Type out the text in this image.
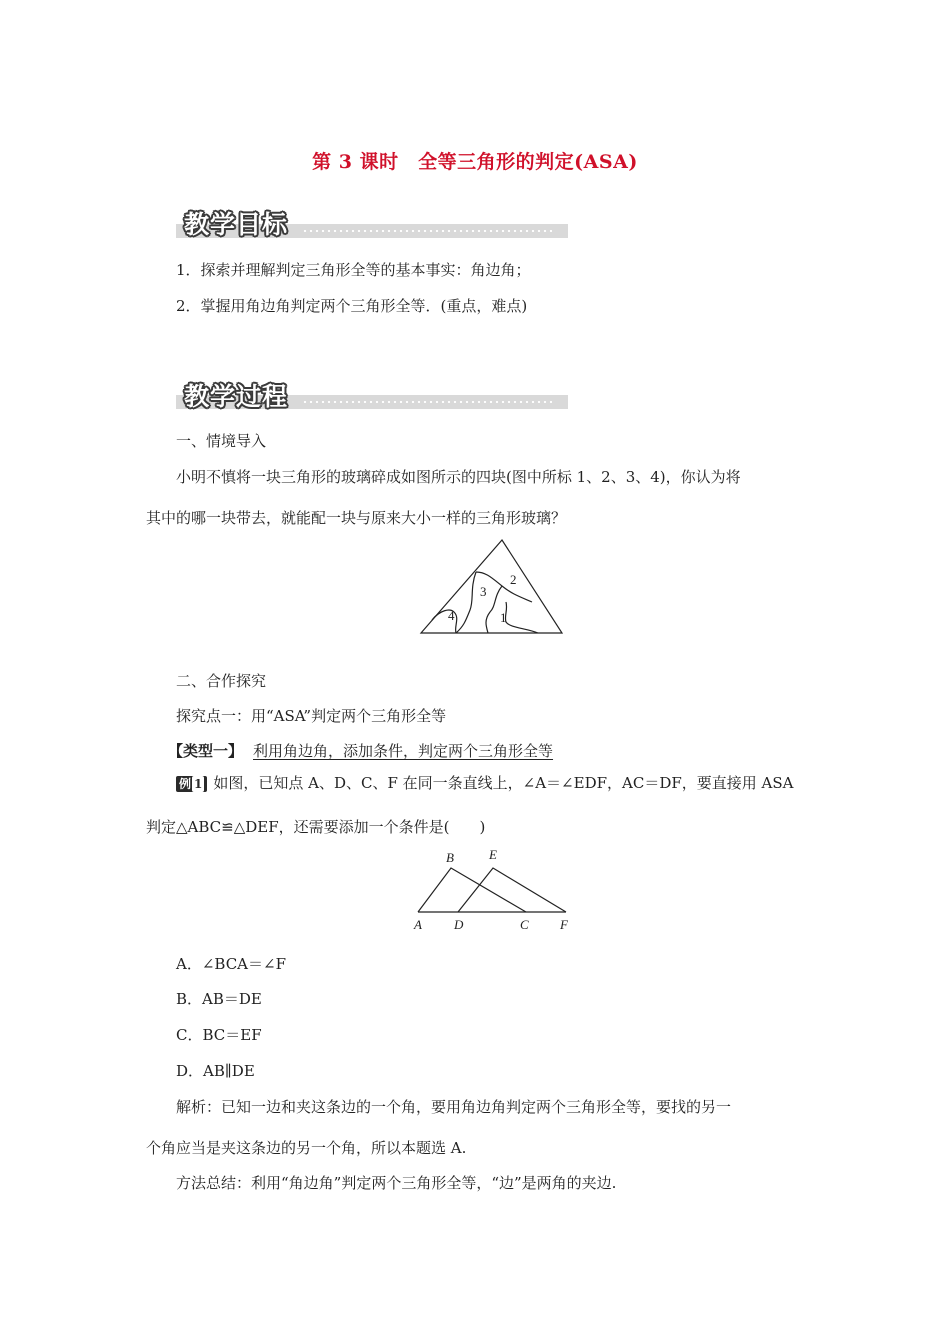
第 3 课时　全等三角形的判定(ASA)
教学目标
1．探索并理解判定三角形全等的基本事实：角边角；
2．掌握用角边角判定两个三角形全等．(重点，难点)
教学过程
一、情境导入
小明不慎将一块三角形的玻璃碎成如图所示的四块(图中所标 1、2、3、4)，你认为将
其中的哪一块带去，就能配一块与原来大小一样的三角形玻璃？
1
2
3
4
二、合作探究
探究点一：用“ASA”判定两个三角形全等
【类型一】 利用角边角，添加条件，判定两个三角形全等
例 1 如图，已知点 A、D、C、F 在同一条直线上，∠A＝∠EDF，AC＝DF，要直接用 ASA
判定△ABC≌△DEF，还需要添加一个条件是(　　)
A
B
C
D
E
F
A．∠BCA＝∠F
B．AB＝DE
C．BC＝EF
D．AB∥DE
解析：已知一边和夹这条边的一个角，要用角边角判定两个三角形全等，要找的另一
个角应当是夹这条边的另一个角，所以本题选 A.
方法总结：利用“角边角”判定两个三角形全等，“边”是两角的夹边.
